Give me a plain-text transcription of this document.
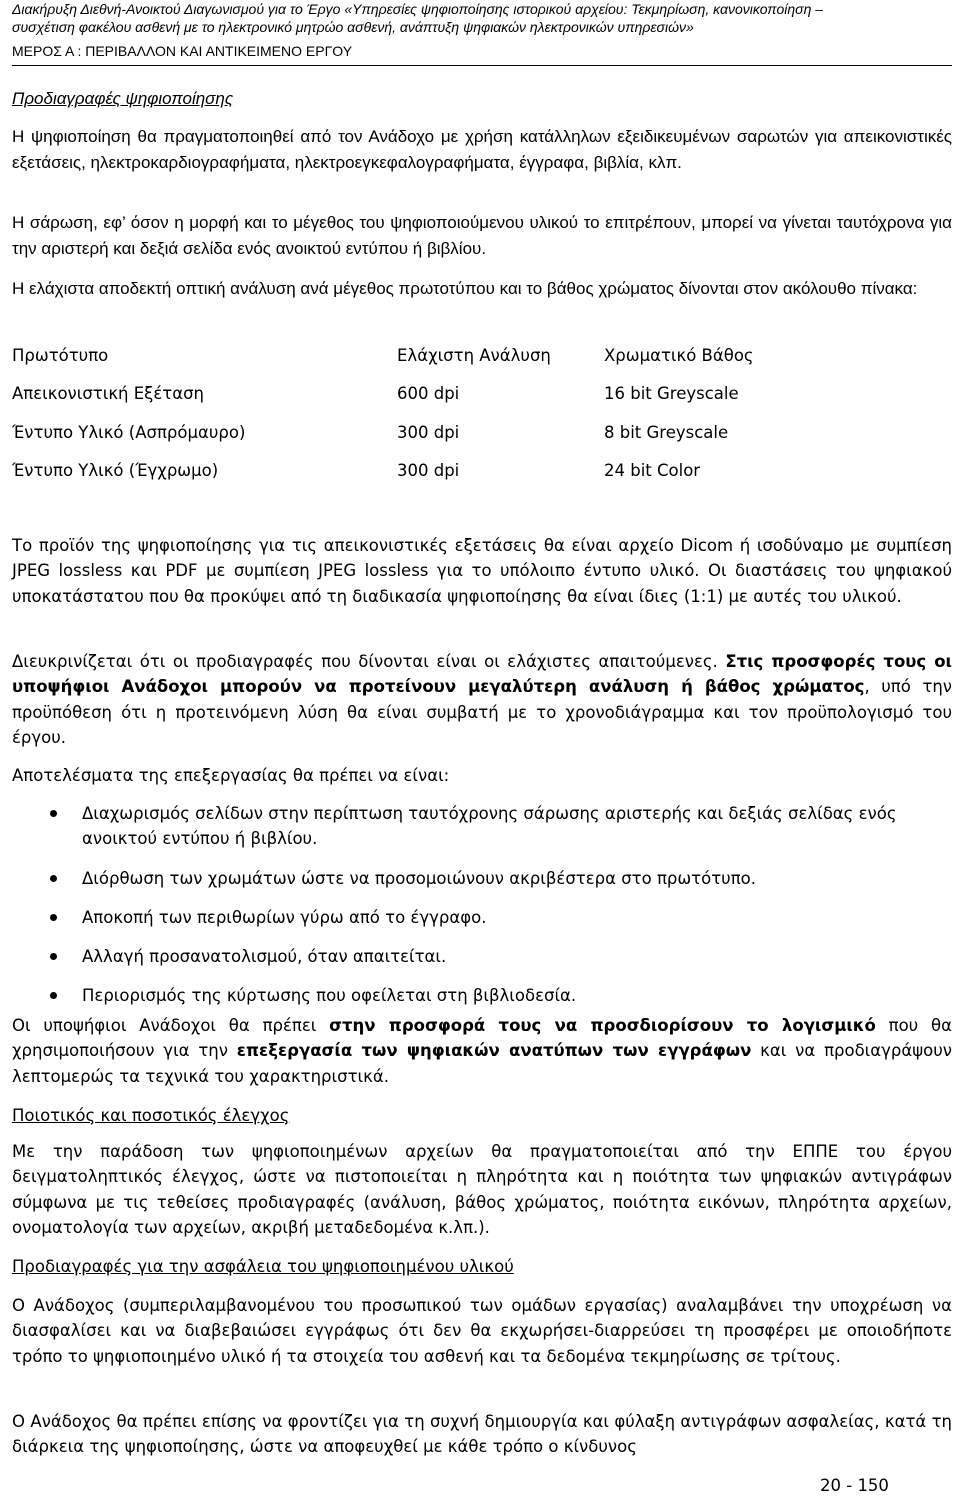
Διακήρυξη Διεθνή-Ανοικτού Διαγωνισμού για το Έργο «Υπηρεσίες ψηφιοποίησης ιστορικού αρχείου: Τεκμηρίωση, κανονικοποίηση –
συσχέτιση φακέλου ασθενή με το ηλεκτρονικό μητρώο ασθενή, ανάπτυξη ψηφιακών ηλεκτρονικών υπηρεσιών»
ΜΕΡΟΣ Α : ΠΕΡΙΒΑΛΛΟΝ ΚΑΙ ΑΝΤΙΚΕΙΜΕΝΟ ΕΡΓΟΥ
Προδιαγραφές ψηφιοποίησης
Η ψηφιοποίηση θα πραγματοποιηθεί από τον Ανάδοχο με χρήση κατάλληλων εξειδικευμένων σαρωτών για απεικονιστικές εξετάσεις, ηλεκτροκαρδιογραφήματα, ηλεκτροεγκεφαλογραφήματα, έγγραφα, βιβλία, κλπ.
Η σάρωση, εφ’ όσον η μορφή και το μέγεθος του ψηφιοποιούμενου υλικού το επιτρέπουν, μπορεί να γίνεται ταυτόχρονα για την αριστερή και δεξιά σελίδα ενός ανοικτού εντύπου ή βιβλίου.
Η ελάχιστα αποδεκτή οπτική ανάλυση ανά μέγεθος πρωτοτύπου και το βάθος χρώματος δίνονται στον ακόλουθο πίνακα:
Πρωτότυπο	Ελάχιστη Ανάλυση	Χρωματικό Βάθος
Απεικονιστική Εξέταση	600 dpi	16 bit Greyscale
Έντυπο Υλικό (Ασπρόμαυρο)	300 dpi	8 bit Greyscale
Έντυπο Υλικό (Έγχρωμο)	300 dpi	24 bit Color
Το προϊόν της ψηφιοποίησης για τις απεικονιστικές εξετάσεις θα είναι αρχείο Dicom ή ισοδύναμο με συμπίεση JPEG lossless και PDF με συμπίεση JPEG lossless για το υπόλοιπο έντυπο υλικό. Οι διαστάσεις του ψηφιακού υποκατάστατου που θα προκύψει από τη διαδικασία ψηφιοποίησης θα είναι ίδιες (1:1) με αυτές του υλικού.
Διευκρινίζεται ότι οι προδιαγραφές που δίνονται είναι οι ελάχιστες απαιτούμενες. Στις προσφορές τους οι υποψήφιοι Ανάδοχοι μπορούν να προτείνουν μεγαλύτερη ανάλυση ή βάθος χρώματος, υπό την προϋπόθεση ότι η προτεινόμενη λύση θα είναι συμβατή με το χρονοδιάγραμμα και τον προϋπολογισμό του έργου.
Αποτελέσματα της επεξεργασίας θα πρέπει να είναι:
Διαχωρισμός σελίδων στην περίπτωση ταυτόχρονης σάρωσης αριστερής και δεξιάς σελίδας ενός ανοικτού εντύπου ή βιβλίου.
Διόρθωση των χρωμάτων ώστε να προσομοιώνουν ακριβέστερα στο πρωτότυπο.
Αποκοπή των περιθωρίων γύρω από το έγγραφο.
Αλλαγή προσανατολισμού, όταν απαιτείται.
Περιορισμός της κύρτωσης που οφείλεται στη βιβλιοδεσία.
Οι υποψήφιοι Ανάδοχοι θα πρέπει στην προσφορά τους να προσδιορίσουν το λογισμικό που θα χρησιμοποιήσουν για την επεξεργασία των ψηφιακών ανατύπων των εγγράφων και να προδιαγράψουν λεπτομερώς τα τεχνικά του χαρακτηριστικά.
Ποιοτικός και ποσοτικός έλεγχος
Με την παράδοση των ψηφιοποιημένων αρχείων θα πραγματοποιείται από την ΕΠΠΕ του έργου δειγματοληπτικός έλεγχος, ώστε να πιστοποιείται η πληρότητα και η ποιότητα των ψηφιακών αντιγράφων σύμφωνα με τις τεθείσες προδιαγραφές (ανάλυση, βάθος χρώματος, ποιότητα εικόνων, πληρότητα αρχείων, ονοματολογία των αρχείων, ακριβή μεταδεδομένα κ.λπ.).
Προδιαγραφές για την ασφάλεια του ψηφιοποιημένου υλικού
Ο Ανάδοχος (συμπεριλαμβανομένου του προσωπικού των ομάδων εργασίας) αναλαμβάνει την υποχρέωση να διασφαλίσει και να διαβεβαιώσει εγγράφως ότι δεν θα εκχωρήσει-διαρρεύσει τη προσφέρει με οποιοδήποτε τρόπο το ψηφιοποιημένο υλικό ή τα στοιχεία του ασθενή και τα δεδομένα τεκμηρίωσης σε τρίτους.
Ο Ανάδοχος θα πρέπει επίσης να φροντίζει για τη συχνή δημιουργία και φύλαξη αντιγράφων ασφαλείας, κατά τη διάρκεια της ψηφιοποίησης, ώστε να αποφευχθεί με κάθε τρόπο ο κίνδυνος
20 - 150
